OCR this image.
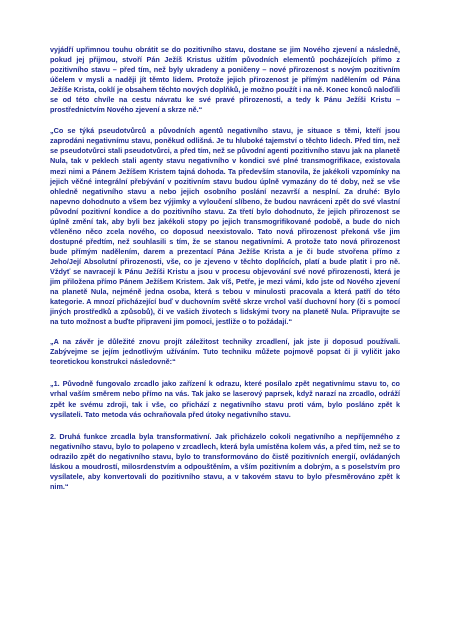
vyjádří upřimnou touhu obrátit se do pozitivního stavu, dostane se jim Nového zjevení a následně, pokud jej přijmou, stvoří Pán Ježíš Kristus užitím původních elementů pocházejících přímo z pozitivního stavu – před tím, než byly ukradeny a poničeny – nové přirozenost s novým pozitivním účelem v mysli a naději jít těmto lidem. Protože jejich přirozenost je přímým nadělením od Pána Ježíše Krista, coklí je obsahem těchto nových doplňků, je možno použít i na ně. Konec konců naloďili se od této chvíle na cestu návratu ke své pravé přirozenosti, a tedy k Pánu Ježíši Kristu – prostřednictvím Nového zjevení a skrze ně.“

„Co se týká pseudotvůrců a původních agentů negativního stavu, je situace s těmi, kteří jsou zaprodáni negativnímu stavu, poněkud odlišná. Je tu hluboké tajemství o těchto lidech. Před tím, než se pseudotvůrci stali pseudotvůrci, a před tím, než se původní agenti pozitivního stavu jak na planetě Nula, tak v peklech stali agenty stavu negativního v kondici své plné transmogrifikace, existovala mezi nimi a Pánem Ježíšem Kristem tajná dohoda. Ta především stanovila, že jakékoli vzpomínky na jejich věčné integrální přebývání v pozitivním stavu budou úplně vymazány do té doby, než se vše ohledně negativního stavu a nebo jejich osobního poslání nezavrší a nesplní. Za druhé: Bylo napevno dohodnuto a všem bez výjimky a vyloučení slíbeno, že budou navráceni zpět do své vlastní původní pozitivní kondice a do pozitivního stavu. Za třetí bylo dohodnuto, že jejich přirozenost se úplně změní tak, aby byli bez jakékoli stopy po jejich transmogrifikované podobě, a bude do nich včleněno něco zcela nového, co doposud neexistovalo. Tato nová přirozenost překoná vše jim dostupné předtím, než souhlasili s tím, že se stanou negativními. A protože tato nová přirozenost bude přímým nadělením, darem a prezentací Pána Ježíše Krista a je či bude stvořena přímo z Jeho/Její Absolutní přirozenosti, vše, co je zjeveno v těchto doplňcích, platí a bude platit i pro ně. Vždyť se navracejí k Pánu Ježíši Kristu a jsou v procesu objevování své nové přirozenosti, která je jim přiložena přímo Pánem Ježíšem Kristem. Jak víš, Petře, je mezi vámi, kdo jste od Nového zjevení na planetě Nula, nejméně jedna osoba, která s tebou v minulosti pracovala a která patří do této kategorie. A mnozí přicházející buď v duchovním světě skrze vrchol vaší duchovní hory (či s pomocí jiných prostředků a způsobů), či ve vašich životech s lidskými tvory na planetě Nula. Připravujte se na tuto možnost a buďte připraveni jim pomoci, jestliže o to požádají.“

„A na závěr je důležité znovu projít záležitost techniky zrcadlení, jak jste ji doposud používali. Zabývejme se jejím jednotlivým užíváním. Tuto techniku můžete pojmově popsat či ji vyličit jako teoretickou konstrukci následovně:“

„1. Původně fungovalo zrcadlo jako zařízení k odrazu, které posílalo zpět negativnímu stavu to, co vrhal vaším směrem nebo přímo na vás. Tak jako se laserový paprsek, když narazí na zrcadlo, odráží zpět ke svému zdroji, tak i vše, co přichází z negativního stavu proti vám, bylo posláno zpět k vysílateli. Tato metoda vás ochraňovala před útoky negativního stavu.

2. Druhá funkce zrcadla byla transformativní. Jak přicházelo cokoli negativního a nepříjemného z negativního stavu, bylo to polapeno v zrcadlech, která byla umístěna kolem vás, a před tím, než se to odrazilo zpět do negativního stavu, bylo to transformováno do čistě pozitivních energií, ovládaných láskou a moudrostí, milosrdenstvím a odpouštěním, a vším pozitivním a dobrým, a s poselstvím pro vysílatele, aby konvertovali do pozitivního stavu, a v takovém stavu to bylo přesměrováno zpět k nim.“
